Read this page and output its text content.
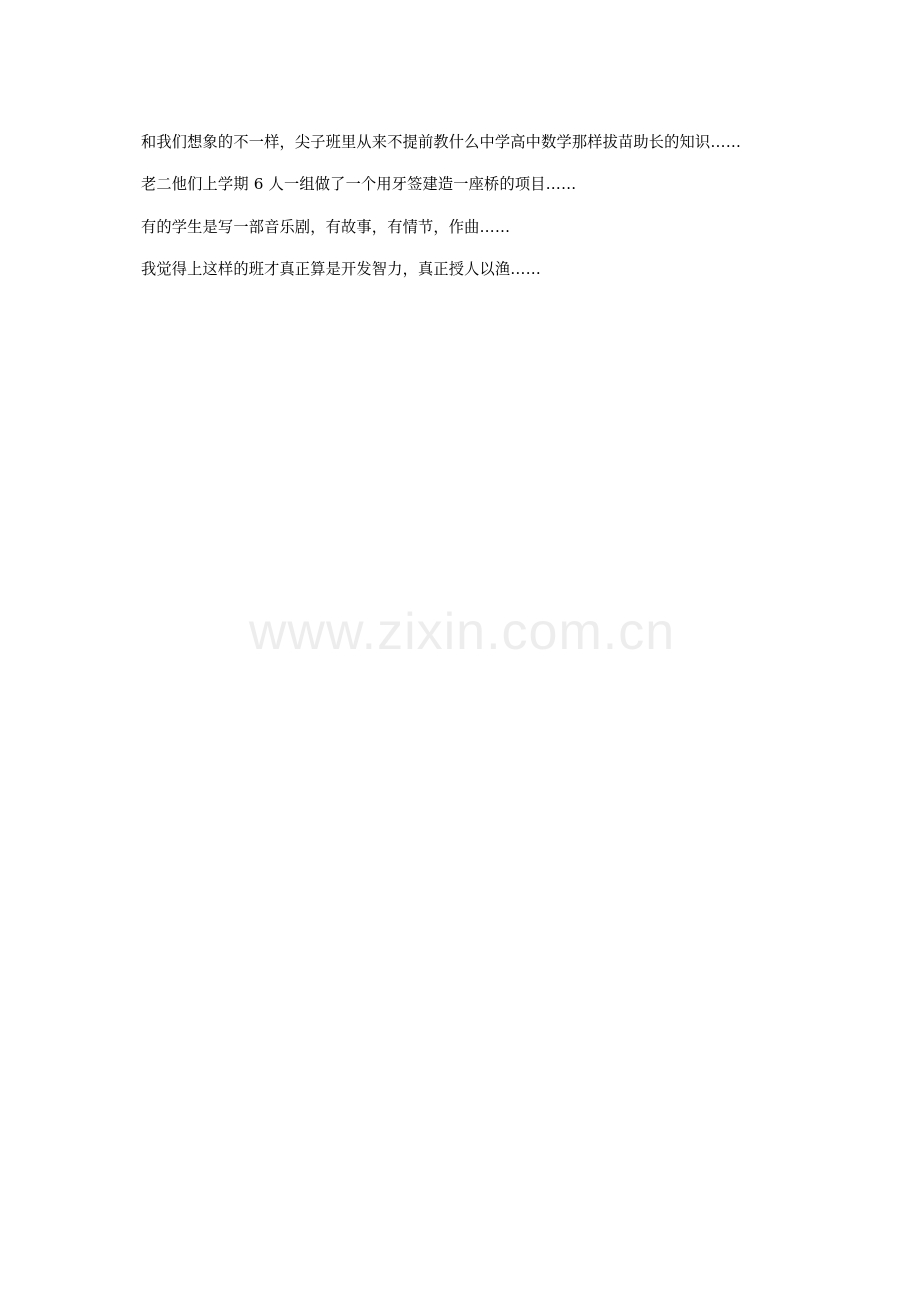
和我们想象的不一样，尖子班里从来不提前教什么中学高中数学那样拔苗助长的知识……

老二他们上学期 6 人一组做了一个用牙签建造一座桥的项目……

有的学生是写一部音乐剧，有故事，有情节，作曲……

我觉得上这样的班才真正算是开发智力，真正授人以渔……

www.zixin.com.cn
